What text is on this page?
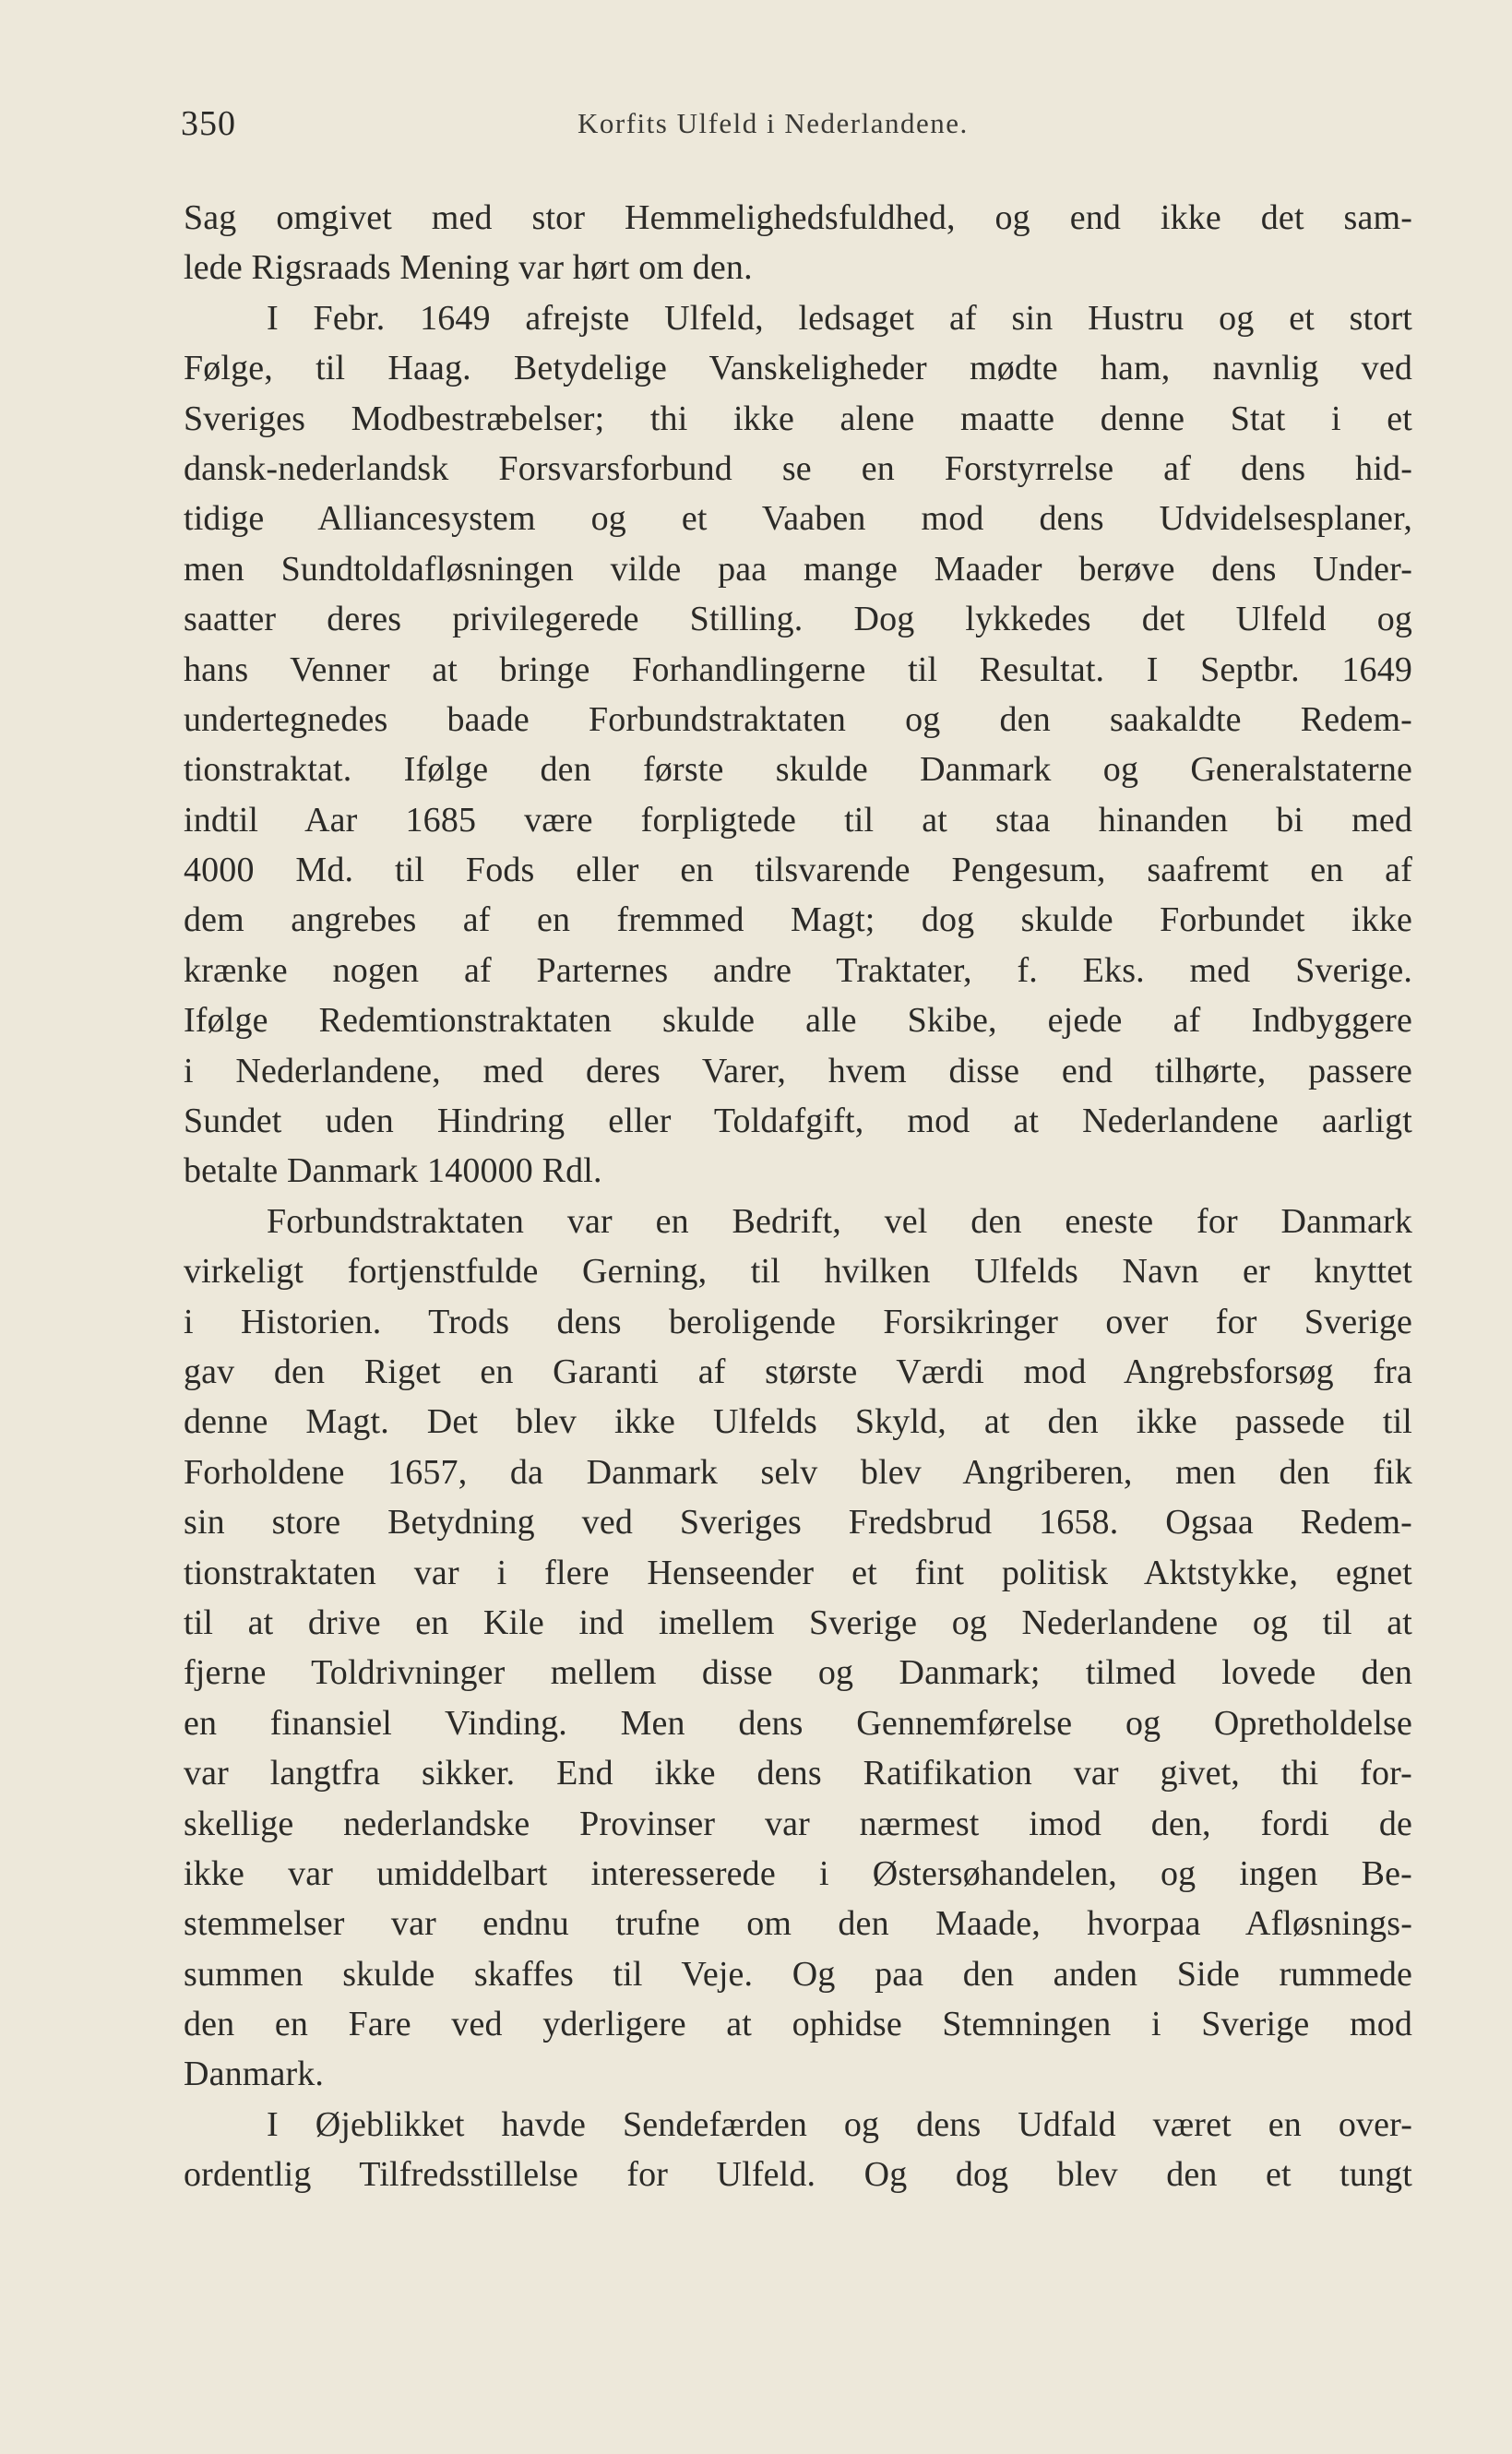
350	Korfits Ulfeld i Nederlandene.
Sag omgivet med stor Hemmelighedsfuldhed, og end ikke det sam-
lede Rigsraads Mening var hørt om den.
I Febr. 1649 afrejste Ulfeld, ledsaget af sin Hustru og et stort
Følge, til Haag. Betydelige Vanskeligheder mødte ham, navnlig ved
Sveriges Modbestræbelser; thi ikke alene maatte denne Stat i et
dansk-nederlandsk Forsvarsforbund se en Forstyrrelse af dens hid-
tidige Alliancesystem og et Vaaben mod dens Udvidelsesplaner,
men Sundtoldafløsningen vilde paa mange Maader berøve dens Under-
saatter deres privilegerede Stilling. Dog lykkedes det Ulfeld og
hans Venner at bringe Forhandlingerne til Resultat. I Septbr. 1649
undertegnedes baade Forbundstraktaten og den saakaldte Redem-
tionstraktat. Ifølge den første skulde Danmark og Generalstaterne
indtil Aar 1685 være forpligtede til at staa hinanden bi med
4000 Md. til Fods eller en tilsvarende Pengesum, saafremt en af
dem angrebes af en fremmed Magt; dog skulde Forbundet ikke
krænke nogen af Parternes andre Traktater, f. Eks. med Sverige.
Ifølge Redemtionstraktaten skulde alle Skibe, ejede af Indbyggere
i Nederlandene, med deres Varer, hvem disse end tilhørte, passere
Sundet uden Hindring eller Toldafgift, mod at Nederlandene aarligt
betalte Danmark 140000 Rdl.
Forbundstraktaten var en Bedrift, vel den eneste for Danmark
virkeligt fortjenstfulde Gerning, til hvilken Ulfelds Navn er knyttet
i Historien. Trods dens beroligende Forsikringer over for Sverige
gav den Riget en Garanti af største Værdi mod Angrebsforsøg fra
denne Magt. Det blev ikke Ulfelds Skyld, at den ikke passede til
Forholdene 1657, da Danmark selv blev Angriberen, men den fik
sin store Betydning ved Sveriges Fredsbrud 1658. Ogsaa Redem-
tionstraktaten var i flere Henseender et fint politisk Aktstykke, egnet
til at drive en Kile ind imellem Sverige og Nederlandene og til at
fjerne Toldrivninger mellem disse og Danmark; tilmed lovede den
en finansiel Vinding. Men dens Gennemførelse og Opretholdelse
var langtfra sikker. End ikke dens Ratifikation var givet, thi for-
skellige nederlandske Provinser var nærmest imod den, fordi de
ikke var umiddelbart interesserede i Østersøhandelen, og ingen Be-
stemmelser var endnu trufne om den Maade, hvorpaa Afløsnings-
summen skulde skaffes til Veje. Og paa den anden Side rummede
den en Fare ved yderligere at ophidse Stemningen i Sverige mod
Danmark.
I Øjeblikket havde Sendefærden og dens Udfald været en over-
ordentlig Tilfredsstillelse for Ulfeld. Og dog blev den et tungt
